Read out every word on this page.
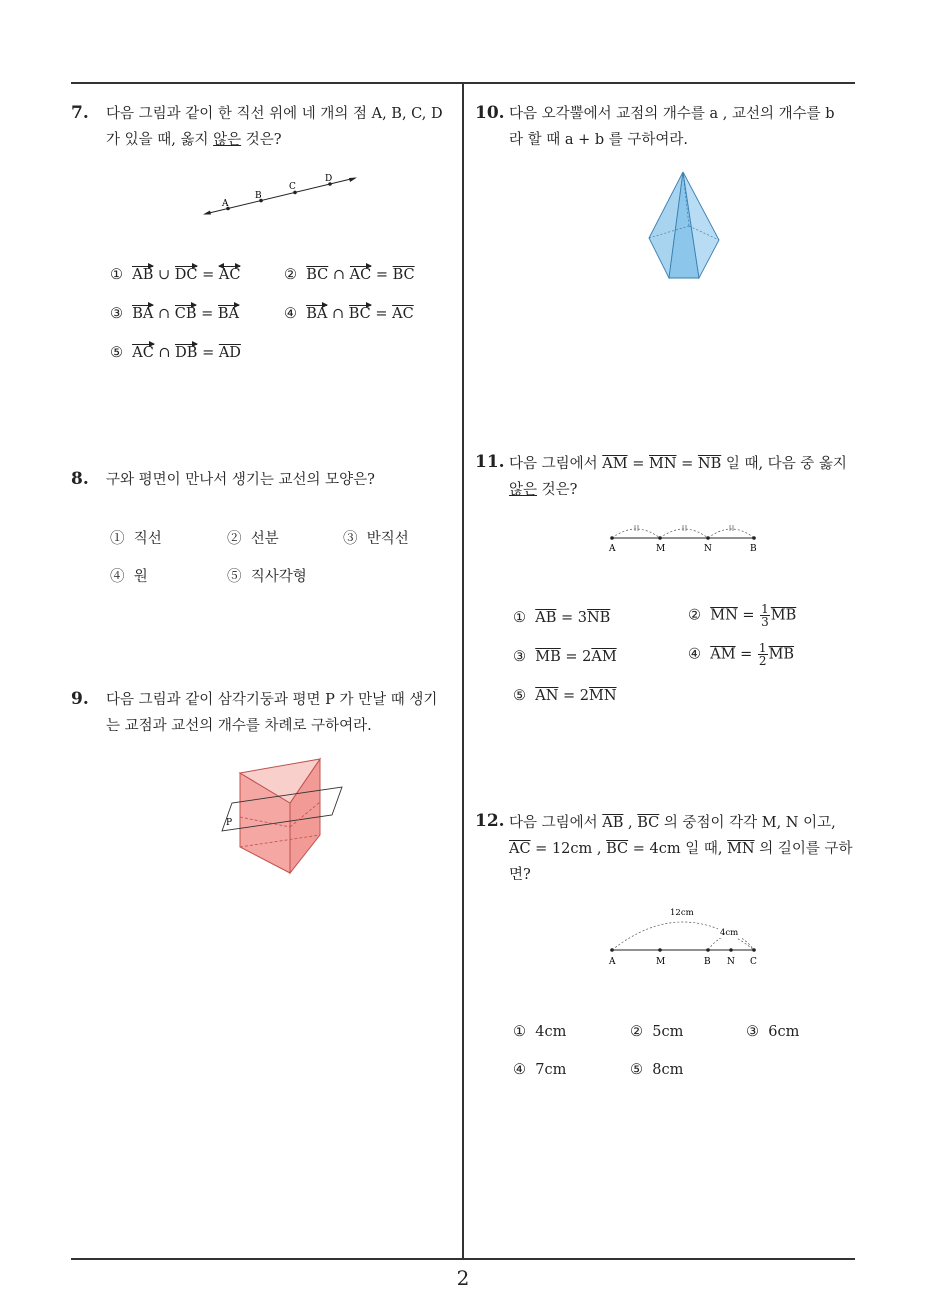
7. 다음 그림과 같이 한 직선 위에 네 개의 점 A, B, C, D
가 있을 때, 옳지 않은 것은?
A
B
C
D
① AB ∪ DC = AC	② $\overline{BC}$ ∩ AC = $\overline{BC}$
③ BA ∩ CB = BA	④ BA ∩ BC = $\overline{AC}$
⑤ AC ∩ DB = $\overline{AD}$
8. 구와 평면이 만나서 생기는 교선의 모양은?
① 직선	② 선분	③ 반직선
④ 원	⑤ 직사각형
9. 다음 그림과 같이 삼각기둥과 평면 P 가 만날 때 생기
는 교점과 교선의 개수를 차례로 구하여라.
P
10. 다음 오각뿔에서 교점의 개수를 a , 교선의 개수를 b
라 할 때 a + b 를 구하여라.
11. 다음 그림에서 $\overline{AM} = \overline{MN} = \overline{NB}$ 일 때, 다음 중 옳지
않은 것은?
A	M	N	B
① $\overline{AB} = 3\overline{NB}$	② $\overline{MN} = \frac{1}{3} \overline{MB}$
③ $\overline{MB} = 2\overline{AM}$	④ $\overline{AM} = \frac{1}{2} \overline{MB}$
⑤ $\overline{AN} = 2\overline{MN}$
12. 다음 그림에서 $\overline{AB}$ , $\overline{BC}$ 의 중점이 각각 M, N 이고,
$\overline{AC} = 12cm$ , $\overline{BC} = 4cm$ 일 때, $\overline{MN}$ 의 길이를 구하
면?
12cm
4cm
A	M	B N C
① 4cm	② 5cm	③ 6cm
④ 7cm	⑤ 8cm
2
